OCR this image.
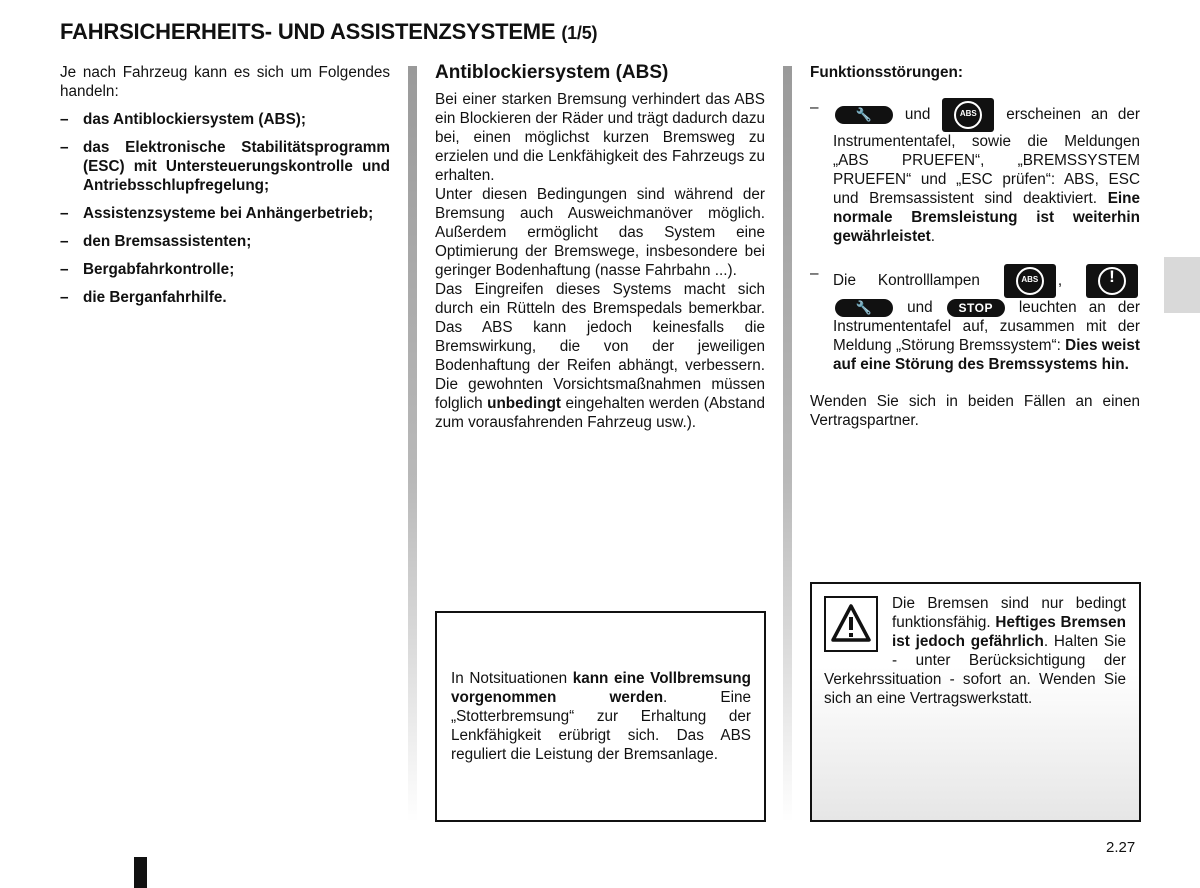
FAHRSICHERHEITS- UND ASSISTENZSYSTEME (1/5)

Je nach Fahrzeug kann es sich um Folgendes handeln:

– das Antiblockiersystem (ABS);
– das Elektronische Stabilitätsprogramm (ESC) mit Untersteuerungskontrolle und Antriebsschlupfregelung;
– Assistenzsysteme bei Anhängerbetrieb;
– den Bremsassistenten;
– Bergabfahrkontrolle;
– die Berganfahrhilfe.
Antiblockiersystem (ABS)

Bei einer starken Bremsung verhindert das ABS ein Blockieren der Räder und trägt dadurch dazu bei, einen möglichst kurzen Bremsweg zu erzielen und die Lenkfähigkeit des Fahrzeugs zu erhalten.

Unter diesen Bedingungen sind während der Bremsung auch Ausweichmanöver möglich. Außerdem ermöglicht das System eine Optimierung der Bremswege, insbesondere bei geringer Bodenhaftung (nasse Fahrbahn ...).

Das Eingreifen dieses Systems macht sich durch ein Rütteln des Bremspedals bemerkbar. Das ABS kann jedoch keinesfalls die Bremswirkung, die von der jeweiligen Bodenhaftung der Reifen abhängt, verbessern. Die gewohnten Vorsichtsmaßnahmen müssen folglich unbedingt eingehalten werden (Abstand zum vorausfahrenden Fahrzeug usw.).

In Notsituationen kann eine Vollbremsung vorgenommen werden. Eine „Stotterbremsung“ zur Erhaltung der Lenkfähigkeit erübrigt sich. Das ABS reguliert die Leistung der Bremsanlage.

Funktionsstörungen:
–	🔧 und	ABS erscheinen an der Instrumententafel, sowie die Meldungen „ABS PRUEFEN“, „BREMSSYSTEM PRUEFEN“ und „ESC prüfen“: ABS, ESC und Bremsassistent sind deaktiviert. Eine normale Bremsleistung ist weiterhin gewährleistet.
– Die Kontrolllampen	ABS ,	!
🔧 und STOP leuchten an der Instrumententafel auf, zusammen mit der Meldung „Störung Bremssystem“: Dies weist auf eine Störung des Bremssystems hin.

Wenden Sie sich in beiden Fällen an einen Vertragspartner.

Die Bremsen sind nur bedingt funktionsfähig. Heftiges Bremsen ist jedoch gefährlich. Halten Sie - unter Berücksichtigung der Verkehrssituation - sofort an. Wenden Sie sich an eine Vertragswerkstatt.

2.27
